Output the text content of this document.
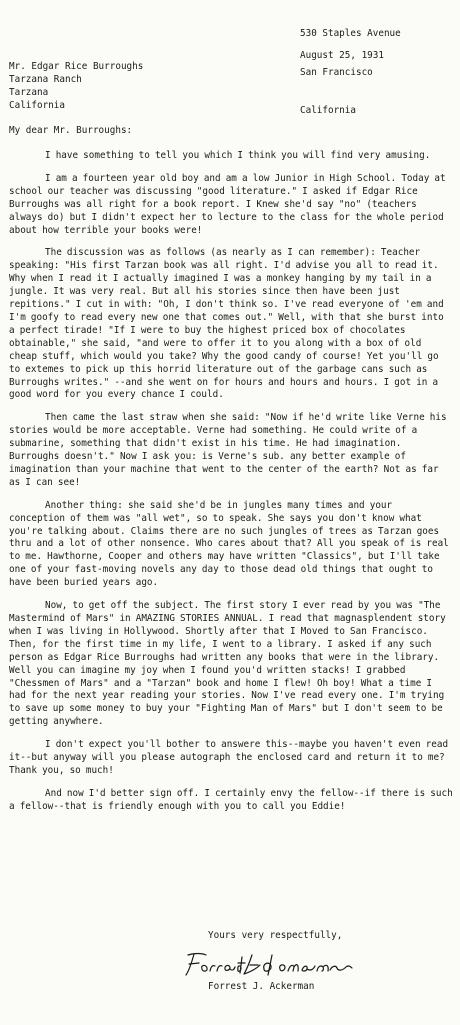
530 Staples Avenue

San Francisco

California

August 25, 1931
Mr. Edgar Rice Burroughs
Tarzana Ranch
Tarzana
California
My dear Mr. Burroughs:

I have something to tell you which I think you will find very amusing.

I am a fourteen year old boy and am a low Junior in High School. Today at school our teacher was discussing "good literature." I asked if Edgar Rice Burroughs was all right for a book report. I Knew she'd say "no" (teachers always do) but I didn't expect her to lecture to the class for the whole period about how terrible your books were!

The discussion was as follows (as nearly as I can remember): Teacher speaking: "His first Tarzan book was all right. I'd advise you all to read it. Why when I read it I actually imagined I was a monkey hanging by my tail in a jungle. It was very real. But all his stories since then have been just repitions." I cut in with: "Oh, I don't think so. I've read everyone of 'em and I'm goofy to read every new one that comes out." Well, with that she burst into a perfect tirade! "If I were to buy the highest priced box of chocolates obtainable," she said, "and were to offer it to you along with a box of old cheap stuff, which would you take? Why the good candy of course! Yet you'll go to extemes to pick up this horrid literature out of the garbage cans such as Burroughs writes." --and she went on for hours and hours and hours. I got in a good word for you every chance I could.

Then came the last straw when she said: "Now if he'd write like Verne his stories would be more acceptable. Verne had something. He could write of a submarine, something that didn't exist in his time. He had imagination. Burroughs doesn't." Now I ask you: is Verne's sub. any better example of imagination than your machine that went to the center of the earth? Not as far as I can see!

Another thing: she said she'd be in jungles many times and your conception of them was "all wet", so to speak. She says you don't know what you're talking about. Claims there are no such jungles of trees as Tarzan goes thru and a lot of other nonsence. Who cares about that? All you speak of is real to me. Hawthorne, Cooper and others may have written "Classics", but I'll take one of your fast-moving novels any day to those dead old things that ought to have been buried years ago.

Now, to get off the subject. The first story I ever read by you was "The Mastermind of Mars" in AMAZING STORIES ANNUAL. I read that magnasplendent story when I was living in Hollywood. Shortly after that I Moved to San Francisco. Then, for the first time in my life, I went to a library. I asked if any such person as Edgar Rice Burroughs had written any books that were in the library. Well you can imagine my joy when I found you'd written stacks! I grabbed "Chessmen of Mars" and a "Tarzan" book and home I flew! Oh boy! What a time I had for the next year reading your stories. Now I've read every one. I'm trying to save up some money to buy your "Fighting Man of Mars" but I don't seem to be getting anywhere.

I don't expect you'll bother to answere this--maybe you haven't even read it--but anyway will you please autograph the enclosed card and return it to me? Thank you, so much!

And now I'd better sign off. I certainly envy the fellow--if there is such a fellow--that is friendly enough with you to call you Eddie!

Yours very respectfully,
Forrest J. Ackerman
